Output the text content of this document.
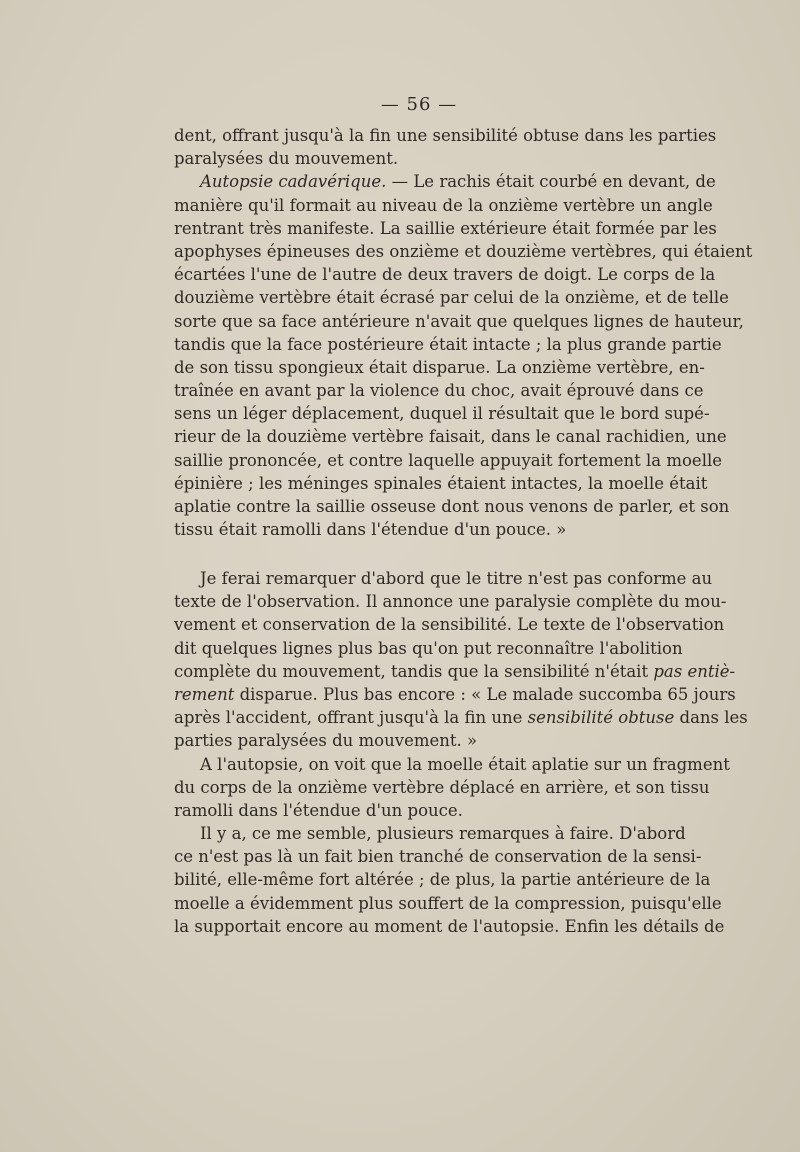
— 56 —
dent, offrant jusqu'à la fin une sensibilité obtuse dans les parties
paralysées du mouvement.
Autopsie cadavérique. — Le rachis était courbé en devant, de
manière qu'il formait au niveau de la onzième vertèbre un angle
rentrant très manifeste. La saillie extérieure était formée par les
apophyses épineuses des onzième et douzième vertèbres, qui étaient
écartées l'une de l'autre de deux travers de doigt. Le corps de la
douzième vertèbre était écrasé par celui de la onzième, et de telle
sorte que sa face antérieure n'avait que quelques lignes de hauteur,
tandis que la face postérieure était intacte ; la plus grande partie
de son tissu spongieux était disparue. La onzième vertèbre, en-
traînée en avant par la violence du choc, avait éprouvé dans ce
sens un léger déplacement, duquel il résultait que le bord supé-
rieur de la douzième vertèbre faisait, dans le canal rachidien, une
saillie prononcée, et contre laquelle appuyait fortement la moelle
épinière ; les méninges spinales étaient intactes, la moelle était
aplatie contre la saillie osseuse dont nous venons de parler, et son
tissu était ramolli dans l'étendue d'un pouce. »
Je ferai remarquer d'abord que le titre n'est pas conforme au
texte de l'observation. Il annonce une paralysie complète du mou-
vement et conservation de la sensibilité. Le texte de l'observation
dit quelques lignes plus bas qu'on put reconnaître l'abolition
complète du mouvement, tandis que la sensibilité n'était pas entiè-
rement disparue. Plus bas encore : « Le malade succomba 65 jours
après l'accident, offrant jusqu'à la fin une sensibilité obtuse dans les
parties paralysées du mouvement. »
A l'autopsie, on voit que la moelle était aplatie sur un fragment
du corps de la onzième vertèbre déplacé en arrière, et son tissu
ramolli dans l'étendue d'un pouce.
Il y a, ce me semble, plusieurs remarques à faire. D'abord
ce n'est pas là un fait bien tranché de conservation de la sensi-
bilité, elle-même fort altérée ; de plus, la partie antérieure de la
moelle a évidemment plus souffert de la compression, puisqu'elle
la supportait encore au moment de l'autopsie. Enfin les détails de
